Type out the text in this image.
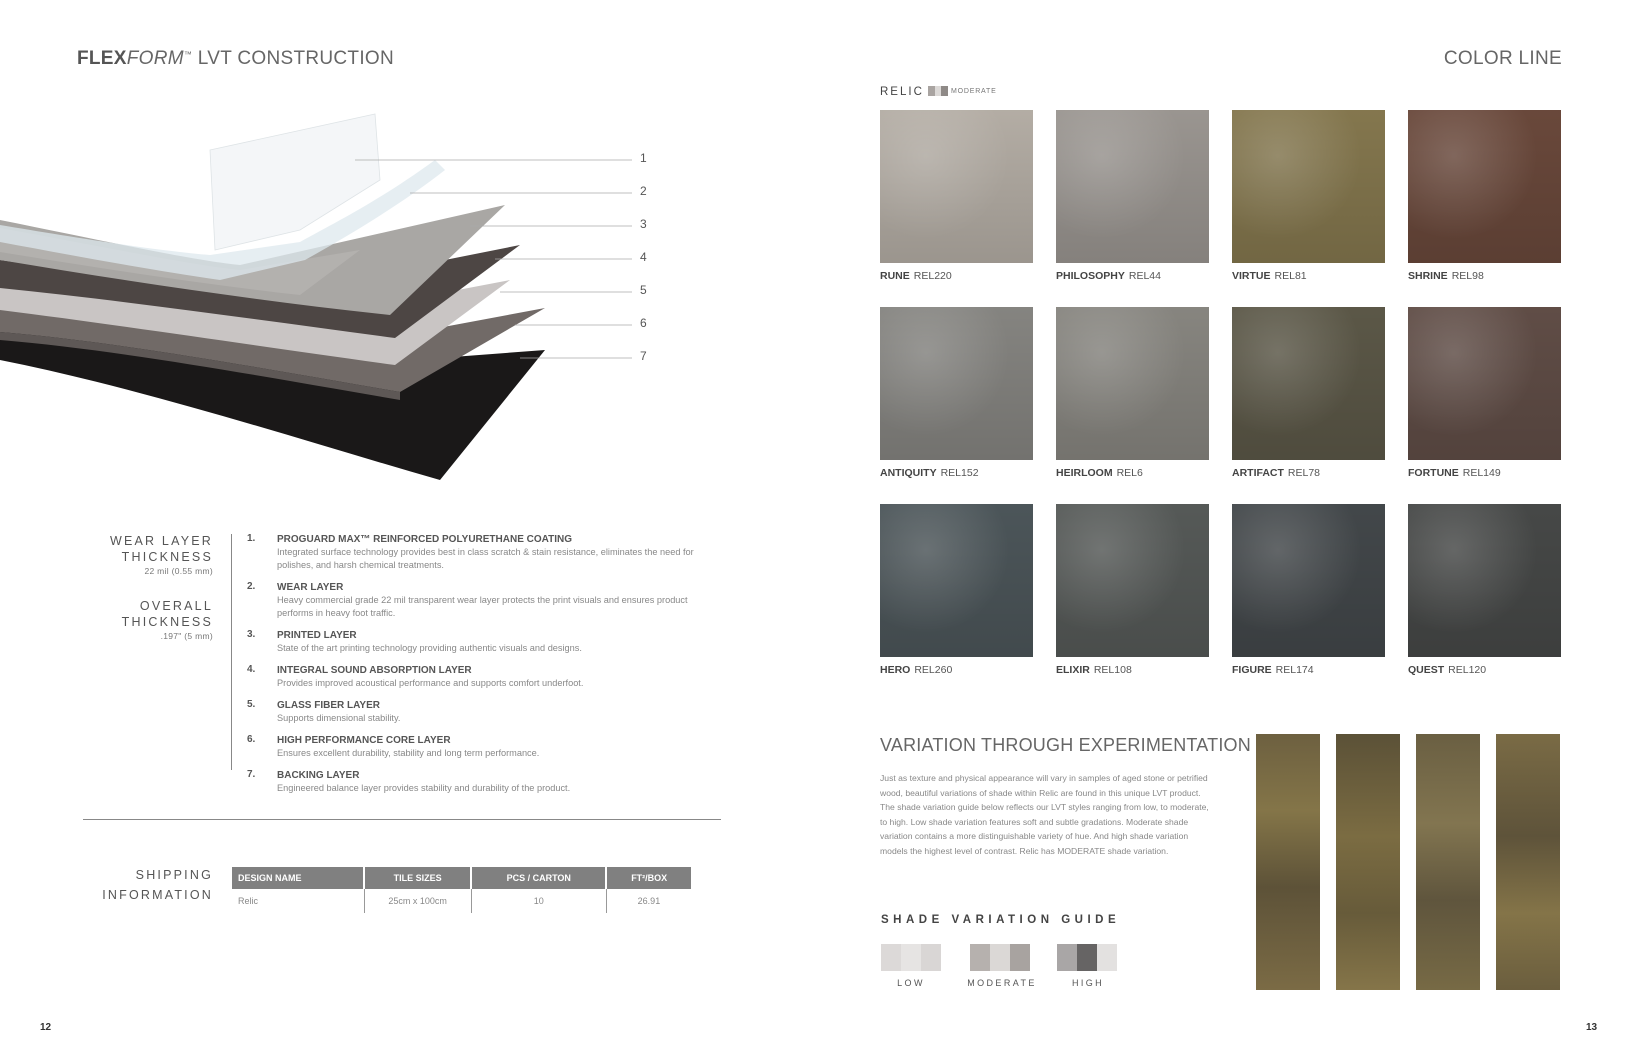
FLEXFORM™ LVT CONSTRUCTION
1
2
3
4
5
6
7
WEAR LAYER
THICKNESS
22 mil (0.55 mm)
OVERALL
THICKNESS
.197" (5 mm)
1. PROGUARD MAX™ REINFORCED POLYURETHANE COATING
Integrated surface technology provides best in class scratch & stain resistance, eliminates the need for polishes, and harsh chemical treatments.
2. WEAR LAYER
Heavy commercial grade 22 mil transparent wear layer protects the print visuals and ensures product performs in heavy foot traffic.
3. PRINTED LAYER
State of the art printing technology providing authentic visuals and designs.
4. INTEGRAL SOUND ABSORPTION LAYER
Provides improved acoustical performance and supports comfort underfoot.
5. GLASS FIBER LAYER
Supports dimensional stability.
6. HIGH PERFORMANCE CORE LAYER
Ensures excellent durability, stability and long term performance.
7. BACKING LAYER
Engineered balance layer provides stability and durability of the product.
SHIPPING
INFORMATION
DESIGN NAME	TILE SIZES	PCS / CARTON	FT²/BOX
Relic	25cm x 100cm	10	26.91
12
COLOR LINE
RELIC	MODERATE
RUNE REL220	PHILOSOPHY REL44	VIRTUE REL81	SHRINE REL98
ANTIQUITY REL152	HEIRLOOM REL6	ARTIFACT REL78	FORTUNE REL149
HERO REL260	ELIXIR REL108	FIGURE REL174	QUEST REL120
VARIATION THROUGH EXPERIMENTATION
Just as texture and physical appearance will vary in samples of aged stone or petrified wood, beautiful variations of shade within Relic are found in this unique LVT product. The shade variation guide below reflects our LVT styles ranging from low, to moderate, to high. Low shade variation features soft and subtle gradations. Moderate shade variation contains a more distinguishable variety of hue. And high shade variation models the highest level of contrast. Relic has MODERATE shade variation.
SHADE VARIATION GUIDE
LOW	MODERATE	HIGH
13
